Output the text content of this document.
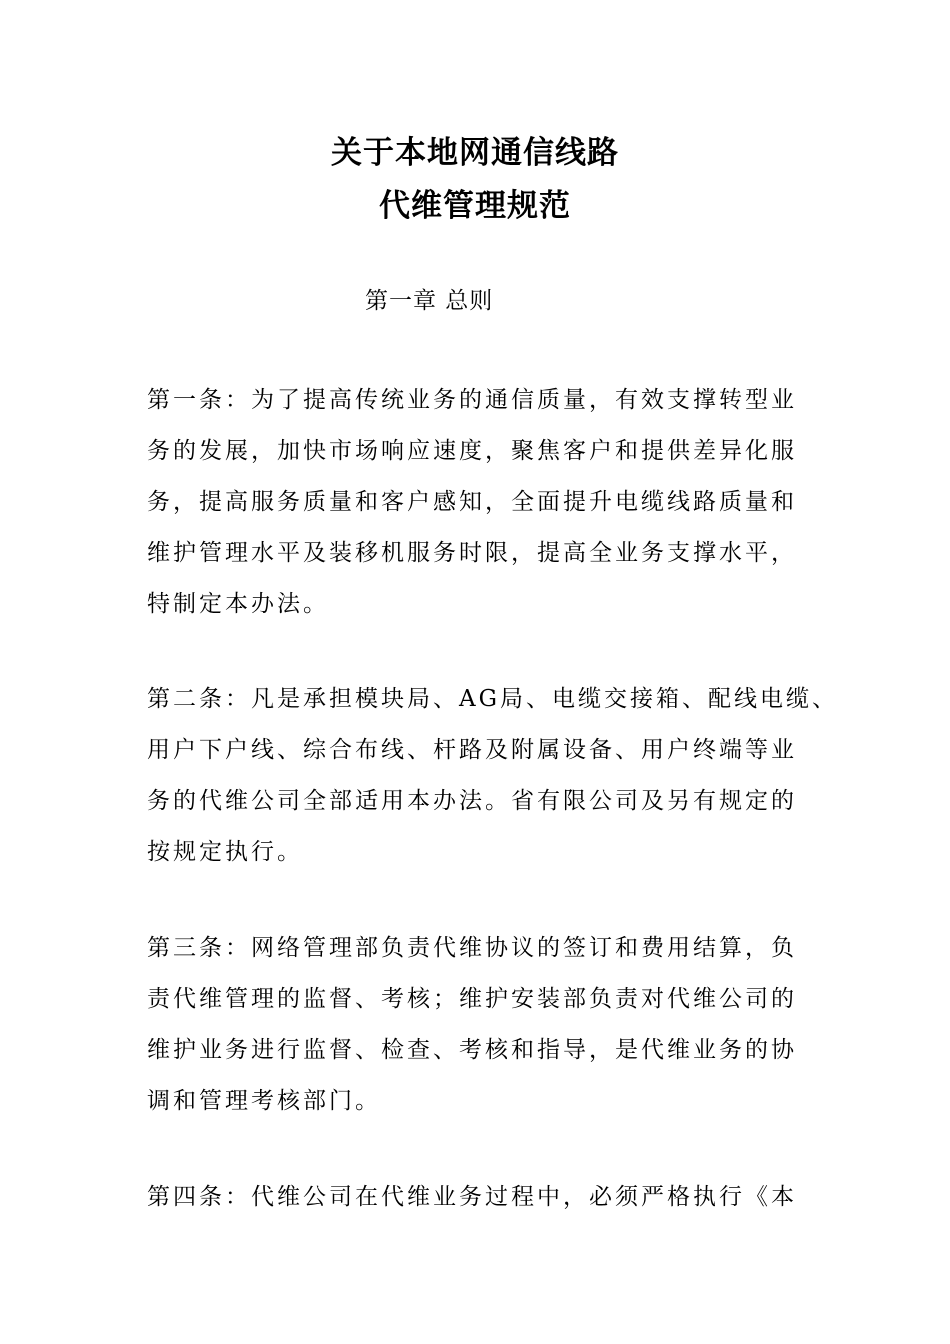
关于本地网通信线路
代维管理规范
第一章 总则
第一条：为了提高传统业务的通信质量，有效支撑转型业
务的发展，加快市场响应速度，聚焦客户和提供差异化服
务，提高服务质量和客户感知，全面提升电缆线路质量和
维护管理水平及装移机服务时限，提高全业务支撑水平，
特制定本办法。
第二条：凡是承担模块局、AG局、电缆交接箱、配线电缆、
用户下户线、综合布线、杆路及附属设备、用户终端等业
务的代维公司全部适用本办法。省有限公司及另有规定的
按规定执行。
第三条：网络管理部负责代维协议的签订和费用结算，负
责代维管理的监督、考核；维护安装部负责对代维公司的
维护业务进行监督、检查、考核和指导，是代维业务的协
调和管理考核部门。
第四条：代维公司在代维业务过程中，必须严格执行《本
